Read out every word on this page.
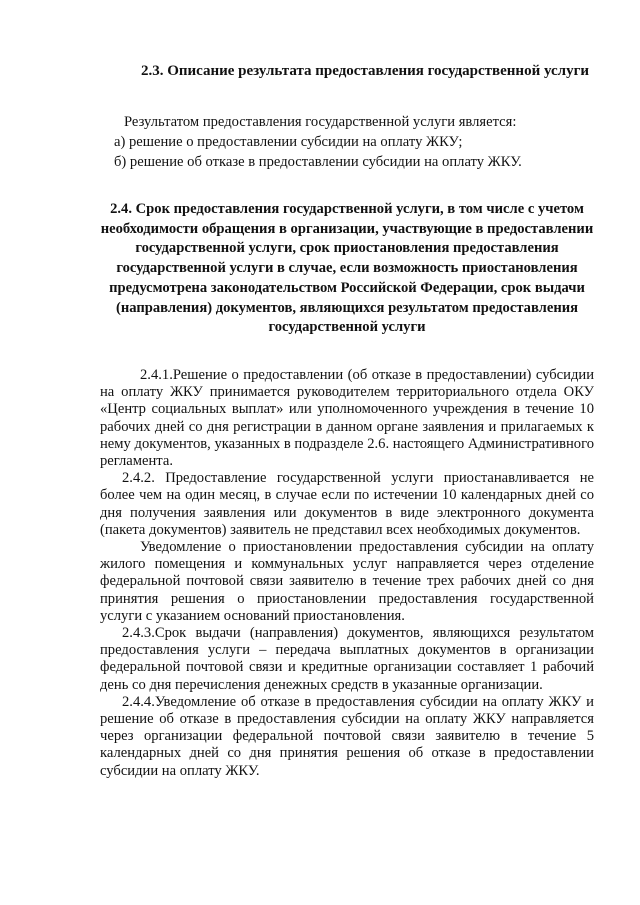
2.3. Описание результата предоставления государственной услуги
Результатом предоставления государственной услуги является:
а) решение о предоставлении субсидии на оплату ЖКУ;
б) решение об отказе в предоставлении субсидии на оплату ЖКУ.
2.4. Срок предоставления государственной услуги, в том числе с учетом необходимости обращения в организации, участвующие в предоставлении государственной услуги, срок приостановления предоставления государственной услуги в случае, если возможность приостановления предусмотрена законодательством Российской Федерации, срок выдачи (направления) документов, являющихся результатом предоставления государственной услуги

2.4.1.Решение о предоставлении (об отказе в предоставлении) субсидии на оплату ЖКУ принимается руководителем территориального отдела ОКУ «Центр социальных выплат» или уполномоченного учреждения в течение 10 рабочих дней со дня регистрации в данном органе заявления и прилагаемых к нему документов, указанных в подразделе 2.6. настоящего Административного регламента.

2.4.2. Предоставление государственной услуги приостанавливается не более чем на один месяц, в случае если по истечении 10 календарных дней со дня получения заявления или документов в виде электронного документа (пакета документов) заявитель не представил всех необходимых документов.

Уведомление о приостановлении предоставления субсидии на оплату жилого помещения и коммунальных услуг направляется через отделение федеральной почтовой связи заявителю в течение трех рабочих дней со дня принятия решения о приостановлении предоставления государственной услуги с указанием оснований приостановления.

2.4.3.Срок выдачи (направления) документов, являющихся результатом предоставления услуги – передача выплатных документов в организации федеральной почтовой связи и кредитные организации составляет 1 рабочий день со дня перечисления денежных средств в указанные организации.

2.4.4.Уведомление об отказе в предоставления субсидии на оплату ЖКУ и решение об отказе в предоставления субсидии на оплату ЖКУ направляется через организации федеральной почтовой связи заявителю в течение 5 календарных дней со дня принятия решения об отказе в предоставлении субсидии на оплату ЖКУ.
